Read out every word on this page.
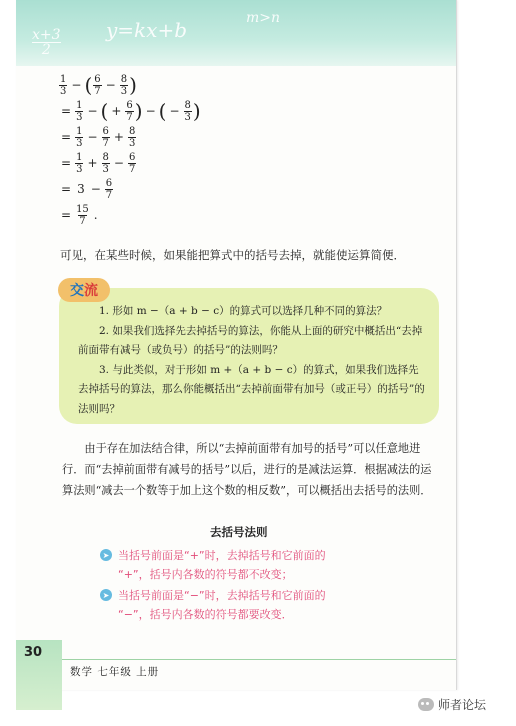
x+3
2
y=kx+b	m>n
$\frac{1}{3}$ − ( $\frac{6}{7} - \frac{8}{3}$ )
= $\frac{1}{3}$ − ( + $\frac{6}{7}$ ) − ( − $\frac{8}{3}$ )
= $\frac{1}{3} - \frac{6}{7} + \frac{8}{3}$
= $\frac{1}{3} + \frac{8}{3} - \frac{6}{7}$
= $3 - \frac{6}{7}$
= $\frac{15}{7}$ .
可见，在某些时候，如果能把算式中的括号去掉，就能使运算简便．
交 流

1. 形如 m −（a + b − c）的算式可以选择几种不同的算法？

2. 如果我们选择先去掉括号的算法，你能从上面的研究中概括出“去掉前面带有减号（或负号）的括号”的法则吗？

3. 与此类似，对于形如 m +（a + b − c）的算式，如果我们选择先去掉括号的算法，那么你能概括出“去掉前面带有加号（或正号）的括号”的法则吗？

由于存在加法结合律，所以“去掉前面带有加号的括号”可以任意地进行．而“去掉前面带有减号的括号”以后，进行的是减法运算．根据减法的运算法则“减去一个数等于加上这个数的相反数”，可以概括出去括号的法则．
去括号法则
➤ 当括号前面是“+”时，去掉括号和它前面的
“+”，括号内各数的符号都不改变；
➤ 当括号前面是“−”时，去掉括号和它前面的
“−”，括号内各数的符号都要改变．
30
数学 七年级 上册
师者论坛
